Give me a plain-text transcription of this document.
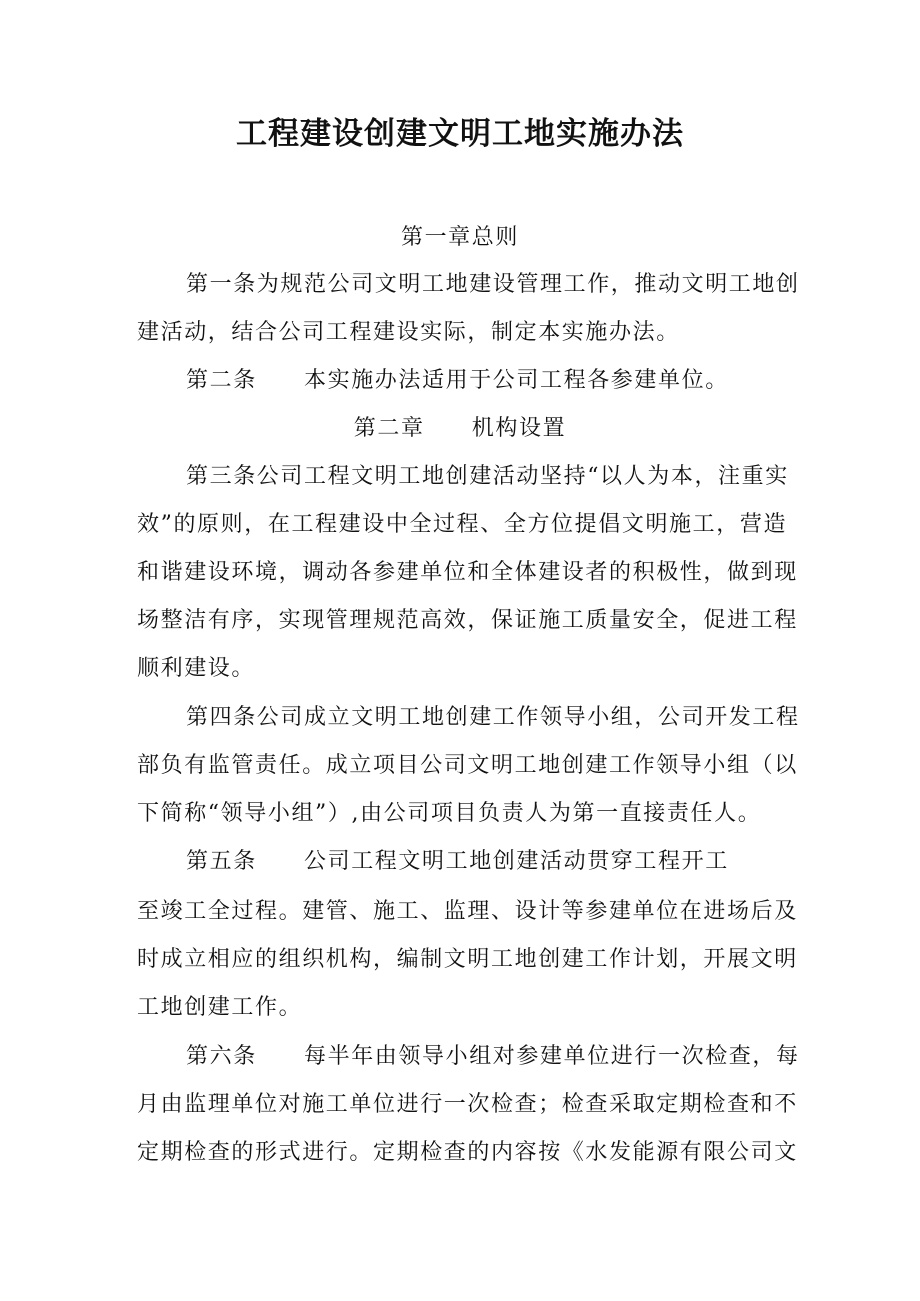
工程建设创建文明工地实施办法
第一章总则
第一条为规范公司文明工地建设管理工作，推动文明工地创
建活动，结合公司工程建设实际，制定本实施办法。
第二条　　本实施办法适用于公司工程各参建单位。
第二章　　机构设置
第三条公司工程文明工地创建活动坚持“以人为本，注重实
效”的原则，在工程建设中全过程、全方位提倡文明施工，营造
和谐建设环境，调动各参建单位和全体建设者的积极性，做到现
场整洁有序，实现管理规范高效，保证施工质量安全，促进工程
顺利建设。
第四条公司成立文明工地创建工作领导小组，公司开发工程
部负有监管责任。成立项目公司文明工地创建工作领导小组（以
下简称“领导小组”）,由公司项目负责人为第一直接责任人。
第五条　　公司工程文明工地创建活动贯穿工程开工
至竣工全过程。建管、施工、监理、设计等参建单位在进场后及
时成立相应的组织机构，编制文明工地创建工作计划，开展文明
工地创建工作。
第六条　　每半年由领导小组对参建单位进行一次检查，每
月由监理单位对施工单位进行一次检查；检查采取定期检查和不
定期检查的形式进行。定期检查的内容按《水发能源有限公司文
